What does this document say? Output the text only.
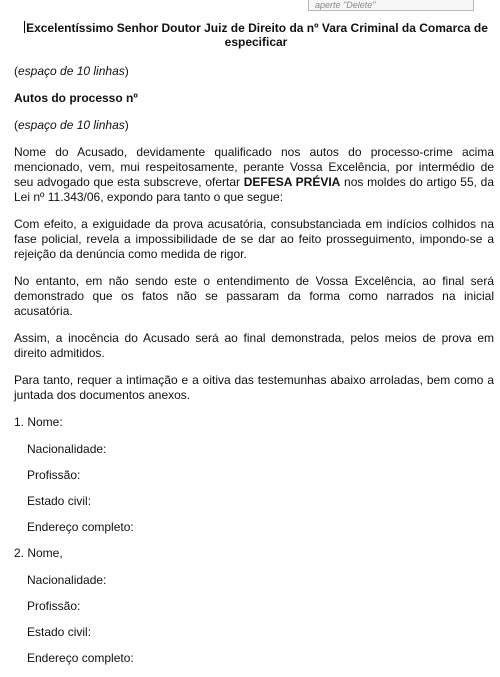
aperte "Delete"
Excelentíssimo Senhor Doutor Juiz de Direito da nº Vara Criminal da Comarca de especificar

(espaço de 10 linhas)

Autos do processo nº

(espaço de 10 linhas)

Nome do Acusado, devidamente qualificado nos autos do processo-crime acima mencionado, vem, mui respeitosamente, perante Vossa Excelência, por intermédio de seu advogado que esta subscreve, ofertar DEFESA PRÉVIA nos moldes do artigo 55, da Lei nº 11.343/06, expondo para tanto o que segue:

Com efeito, a exiguidade da prova acusatória, consubstanciada em indícios colhidos na fase policial, revela a impossibilidade de se dar ao feito prosseguimento, impondo-se a rejeição da denúncia como medida de rigor.

No entanto, em não sendo este o entendimento de Vossa Excelência, ao final será demonstrado que os fatos não se passaram da forma como narrados na inicial acusatória.

Assim, a inocência do Acusado será ao final demonstrada, pelos meios de prova em direito admitidos.

Para tanto, requer a intimação e a oitiva das testemunhas abaixo arroladas, bem como a juntada dos documentos anexos.

1. Nome:

Nacionalidade:

Profissão:

Estado civil:

Endereço completo:

2. Nome,

Nacionalidade:

Profissão:

Estado civil:

Endereço completo:
